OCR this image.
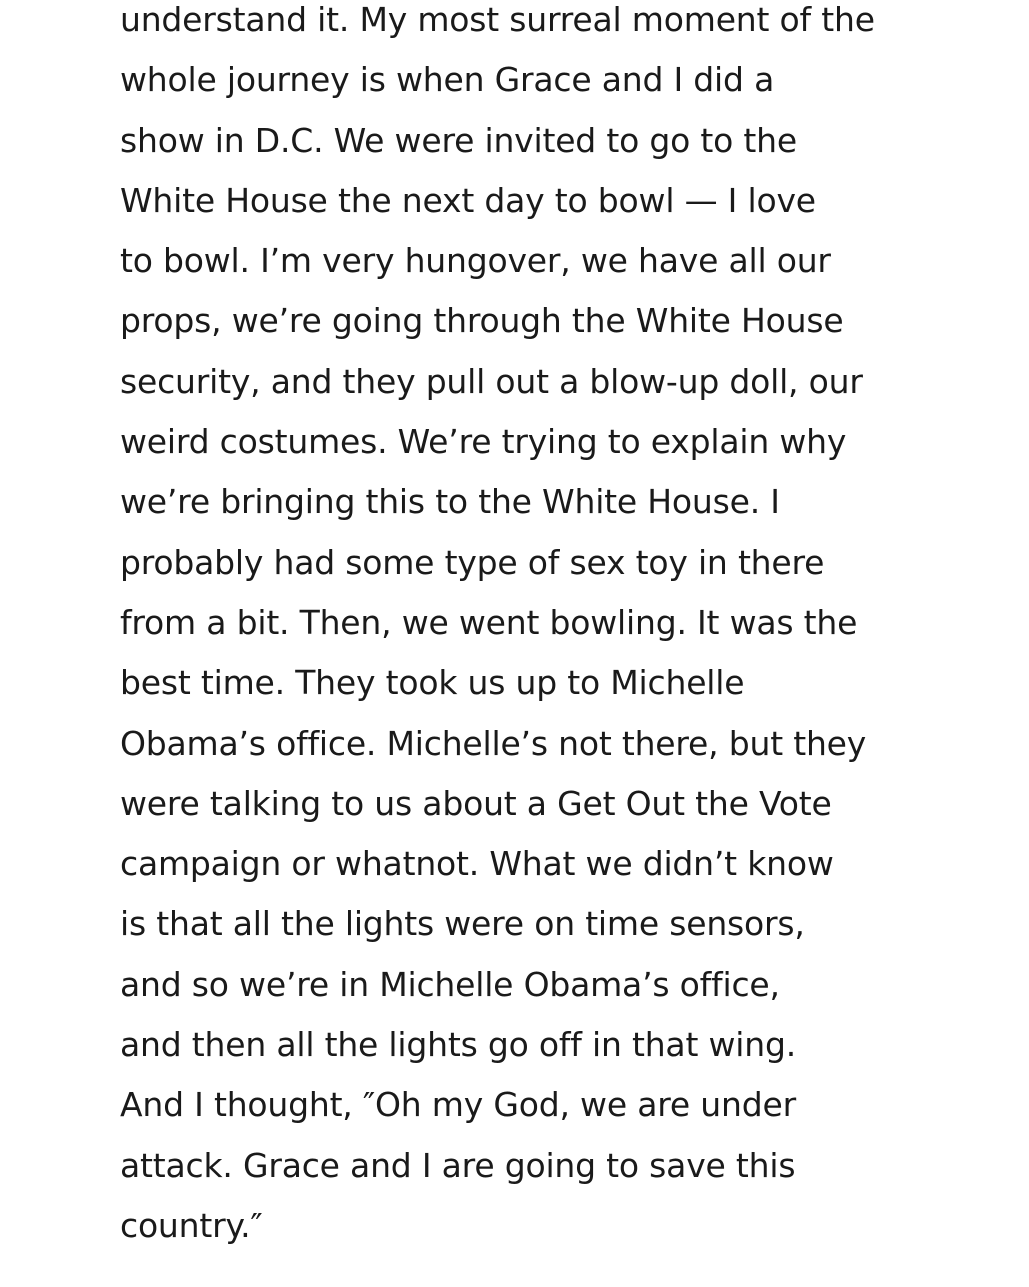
understand it. My most surreal moment of the
whole journey is when Grace and I did a
show in D.C. We were invited to go to the
White House the next day to bowl — I love
to bowl. I’m very hungover, we have all our
props, we’re going through the White House
security, and they pull out a blow-up doll, our
weird costumes. We’re trying to explain why
we’re bringing this to the White House. I
probably had some type of sex toy in there
from a bit. Then, we went bowling. It was the
best time. They took us up to Michelle
Obama’s office. Michelle’s not there, but they
were talking to us about a Get Out the Vote
campaign or whatnot. What we didn’t know
is that all the lights were on time sensors,
and so we’re in Michelle Obama’s office,
and then all the lights go off in that wing.
And I thought, ″Oh my God, we are under
attack. Grace and I are going to save this
country.″
